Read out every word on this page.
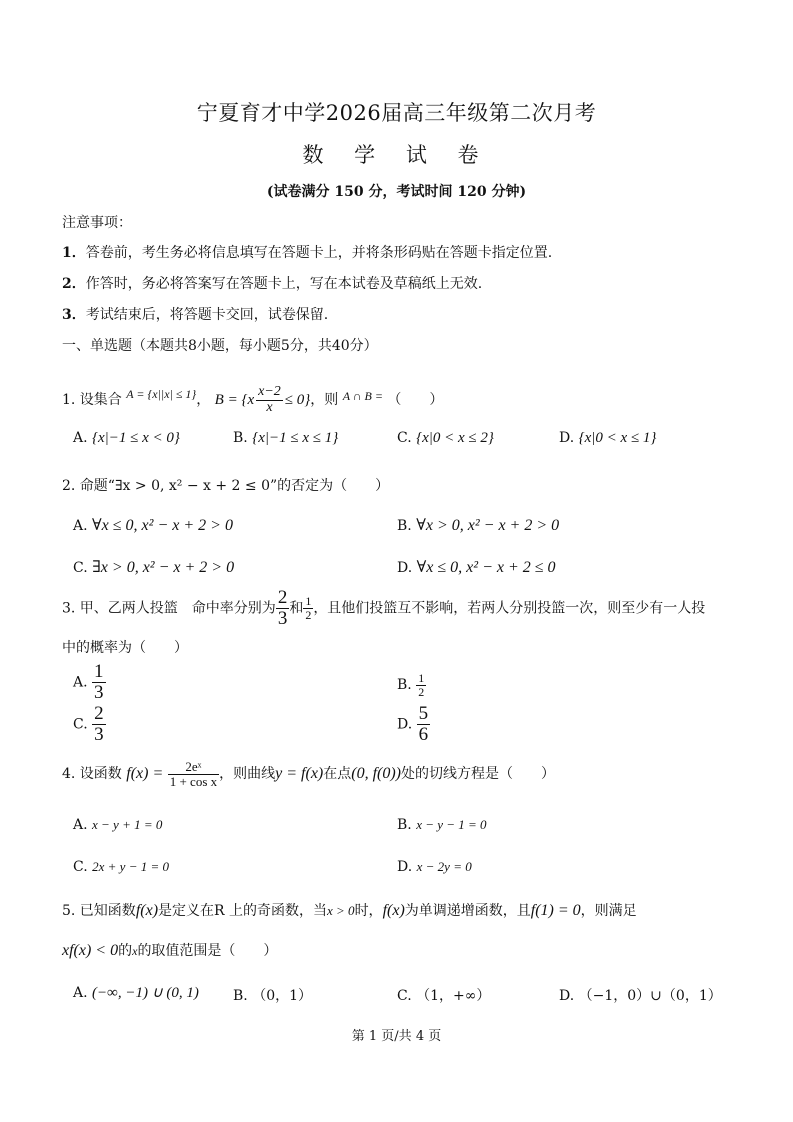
宁夏育才中学2026届高三年级第二次月考
数 学 试 卷
(试卷满分 150 分，考试时间 120 分钟)
注意事项：
1．答卷前，考生务必将信息填写在答题卡上，并将条形码贴在答题卡指定位置.
2．作答时，务必将答案写在答题卡上，写在本试卷及草稿纸上无效.
3．考试结束后，将答题卡交回，试卷保留.
一、单选题（本题共8小题，每小题5分，共40分）
1. 设集合 A = {x||x| ≤ 1}， $B = \{x \frac{x-2}{x} \le 0\}$，则 A ∩ B = （　　）
A. {x|−1 ≤ x < 0}	B. {x|−1 ≤ x ≤ 1}	C. {x|0 < x ≤ 2}	D. {x|0 < x ≤ 1}
2. 命题“∃x > 0, x² − x + 2 ≤ 0”的否定为（　　）
A. ∀x ≤ 0, x² − x + 2 > 0	B. ∀x > 0, x² − x + 2 > 0
C. ∃x > 0, x² − x + 2 > 0	D. ∀x ≤ 0, x² − x + 2 ≤ 0
3. 甲、乙两人投篮　命中率分别为 $\frac{2}{3}$ 和 $\frac{1}{2}$ ，且他们投篮互不影响，若两人分别投篮一次，则至少有一人投
中的概率为（　　）
A. $\frac{1}{3}$	B. $\frac{1}{2}$
C. $\frac{2}{3}$	D. $\frac{5}{6}$
4. 设函数 $f(x) = \frac{\text{2eˣ}}{\text{1 + cos x}}$ ，则曲线y = f(x)在点(0, f(0))处的切线方程是（　　）
A. x − y + 1 = 0	B. x − y − 1 = 0
C. 2x + y − 1 = 0	D. x − 2y = 0
5. 已知函数f(x)是定义在R 上的奇函数，当x > 0时，f(x)为单调递增函数，且f(1) = 0，则满足
xf(x) < 0的x的取值范围是（　　）
A. (−∞, −1) ∪ (0, 1) B. （0，1）	C. （1，+∞）	D. （−1，0）∪（0，1）
第 1 页/共 4 页
